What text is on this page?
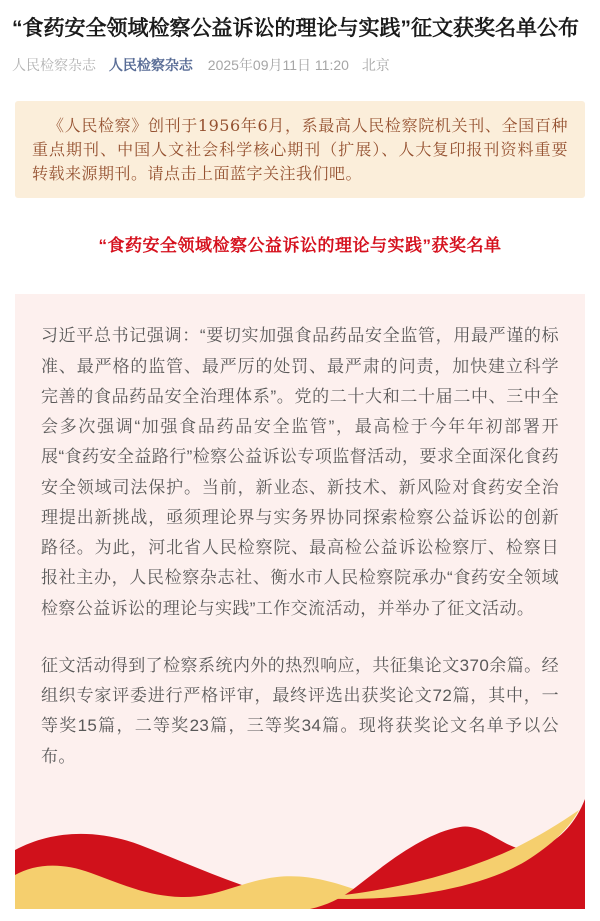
“食药安全领域检察公益诉讼的理论与实践”征文获奖名单公布
人民检察杂志 人民检察杂志 2025年09月11日 11:20 北京
《人民检察》创刊于1956年6月，系最高人民检察院机关刊、全国百种重点期刊、中国人文社会科学核心期刊（扩展）、人大复印报刊资料重要转载来源期刊。请点击上面蓝字关注我们吧。
“食药安全领域检察公益诉讼的理论与实践”获奖名单

习近平总书记强调：“要切实加强食品药品安全监管，用最严谨的标准、最严格的监管、最严厉的处罚、最严肃的问责，加快建立科学完善的食品药品安全治理体系”。党的二十大和二十届二中、三中全会多次强调“加强食品药品安全监管”，最高检于今年年初部署开展“食药安全益路行”检察公益诉讼专项监督活动，要求全面深化食药安全领域司法保护。当前，新业态、新技术、新风险对食药安全治理提出新挑战，亟须理论界与实务界协同探索检察公益诉讼的创新路径。为此，河北省人民检察院、最高检公益诉讼检察厅、检察日报社主办，人民检察杂志社、衡水市人民检察院承办“食药安全领域检察公益诉讼的理论与实践”工作交流活动，并举办了征文活动。

征文活动得到了检察系统内外的热烈响应，共征集论文370余篇。经组织专家评委进行严格评审，最终评选出获奖论文72篇，其中，一等奖15篇，二等奖23篇，三等奖34篇。现将获奖论文名单予以公布。
